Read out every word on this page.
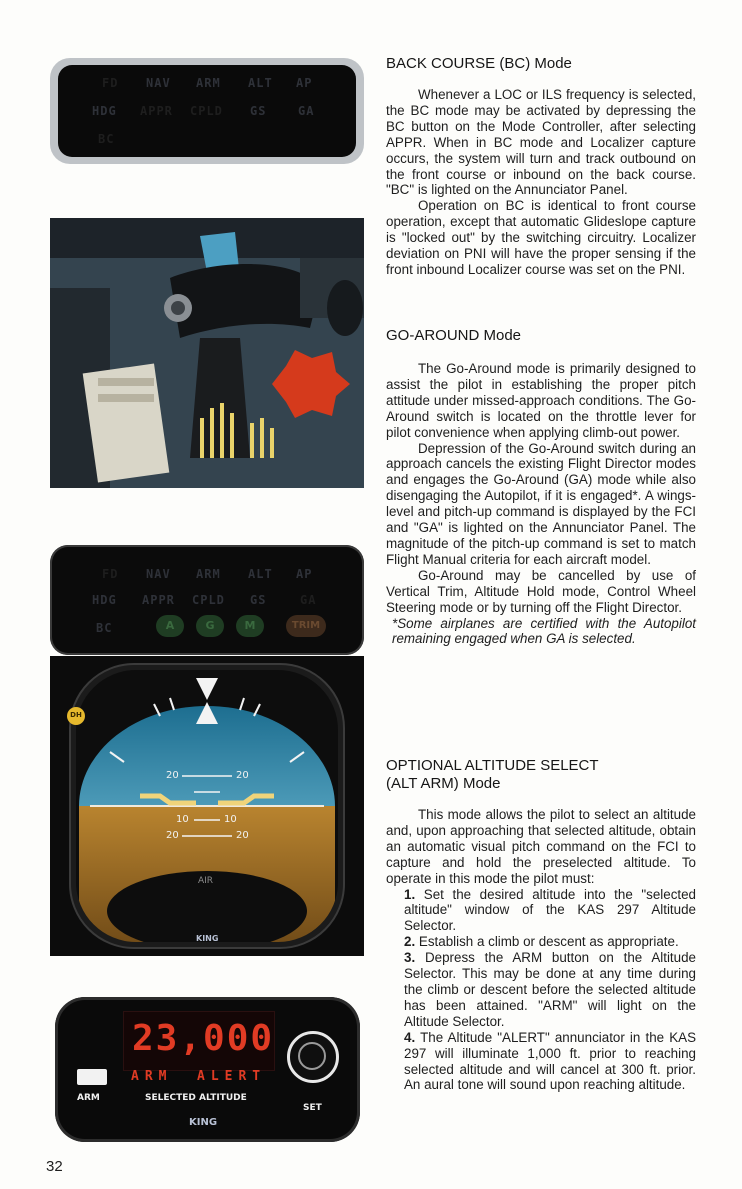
FD NAV ARM ALT AP
HDG APPR CPLD GS	GA
BC
FD NAV ARM ALT AP
HDG APPR CPLD GS	GA
BC	A	G	M	TRIM
20	20
10	10
20	20
DH
AIR
KING
23,000
ARM ALERT
ARM	SELECTED ALTITUDE
KING
SET
BACK COURSE (BC) Mode

Whenever a LOC or ILS frequency is selected, the BC mode may be activated by depressing the BC button on the Mode Controller, after selecting APPR. When in BC mode and Localizer capture occurs, the system will turn and track outbound on the front course or inbound on the back course. "BC" is lighted on the Annunciator Panel.

Operation on BC is identical to front course operation, except that automatic Glideslope capture is "locked out" by the switching circuitry. Localizer deviation on PNI will have the proper sensing if the front inbound Localizer course was set on the PNI.

GO-AROUND Mode

The Go-Around mode is primarily designed to assist the pilot in establishing the proper pitch attitude under missed-approach conditions. The Go-Around switch is located on the throttle lever for pilot convenience when applying climb-out power.

Depression of the Go-Around switch during an approach cancels the existing Flight Director modes and engages the Go-Around (GA) mode while also disengaging the Autopilot, if it is engaged*. A wings-level and pitch-up command is displayed by the FCI and "GA" is lighted on the Annunciator Panel. The magnitude of the pitch-up command is set to match Flight Manual criteria for each aircraft model.

Go-Around may be cancelled by use of Vertical Trim, Altitude Hold mode, Control Wheel Steering mode or by turning off the Flight Director.

*Some airplanes are certified with the Autopilot remaining engaged when GA is selected.

OPTIONAL ALTITUDE SELECT
(ALT ARM) Mode

This mode allows the pilot to select an altitude and, upon approaching that selected altitude, obtain an automatic visual pitch command on the FCI to capture and hold the preselected altitude. To operate in this mode the pilot must:

1. Set the desired altitude into the "selected altitude" window of the KAS 297 Altitude Selector.
2. Establish a climb or descent as appropriate.
3. Depress the ARM button on the Altitude Selector. This may be done at any time during the climb or descent before the selected altitude has been attained. "ARM" will light on the Altitude Selector.
4. The Altitude "ALERT" annunciator in the KAS 297 will illuminate 1,000 ft. prior to reaching selected altitude and will cancel at 300 ft. prior. An aural tone will sound upon reaching altitude.
32
